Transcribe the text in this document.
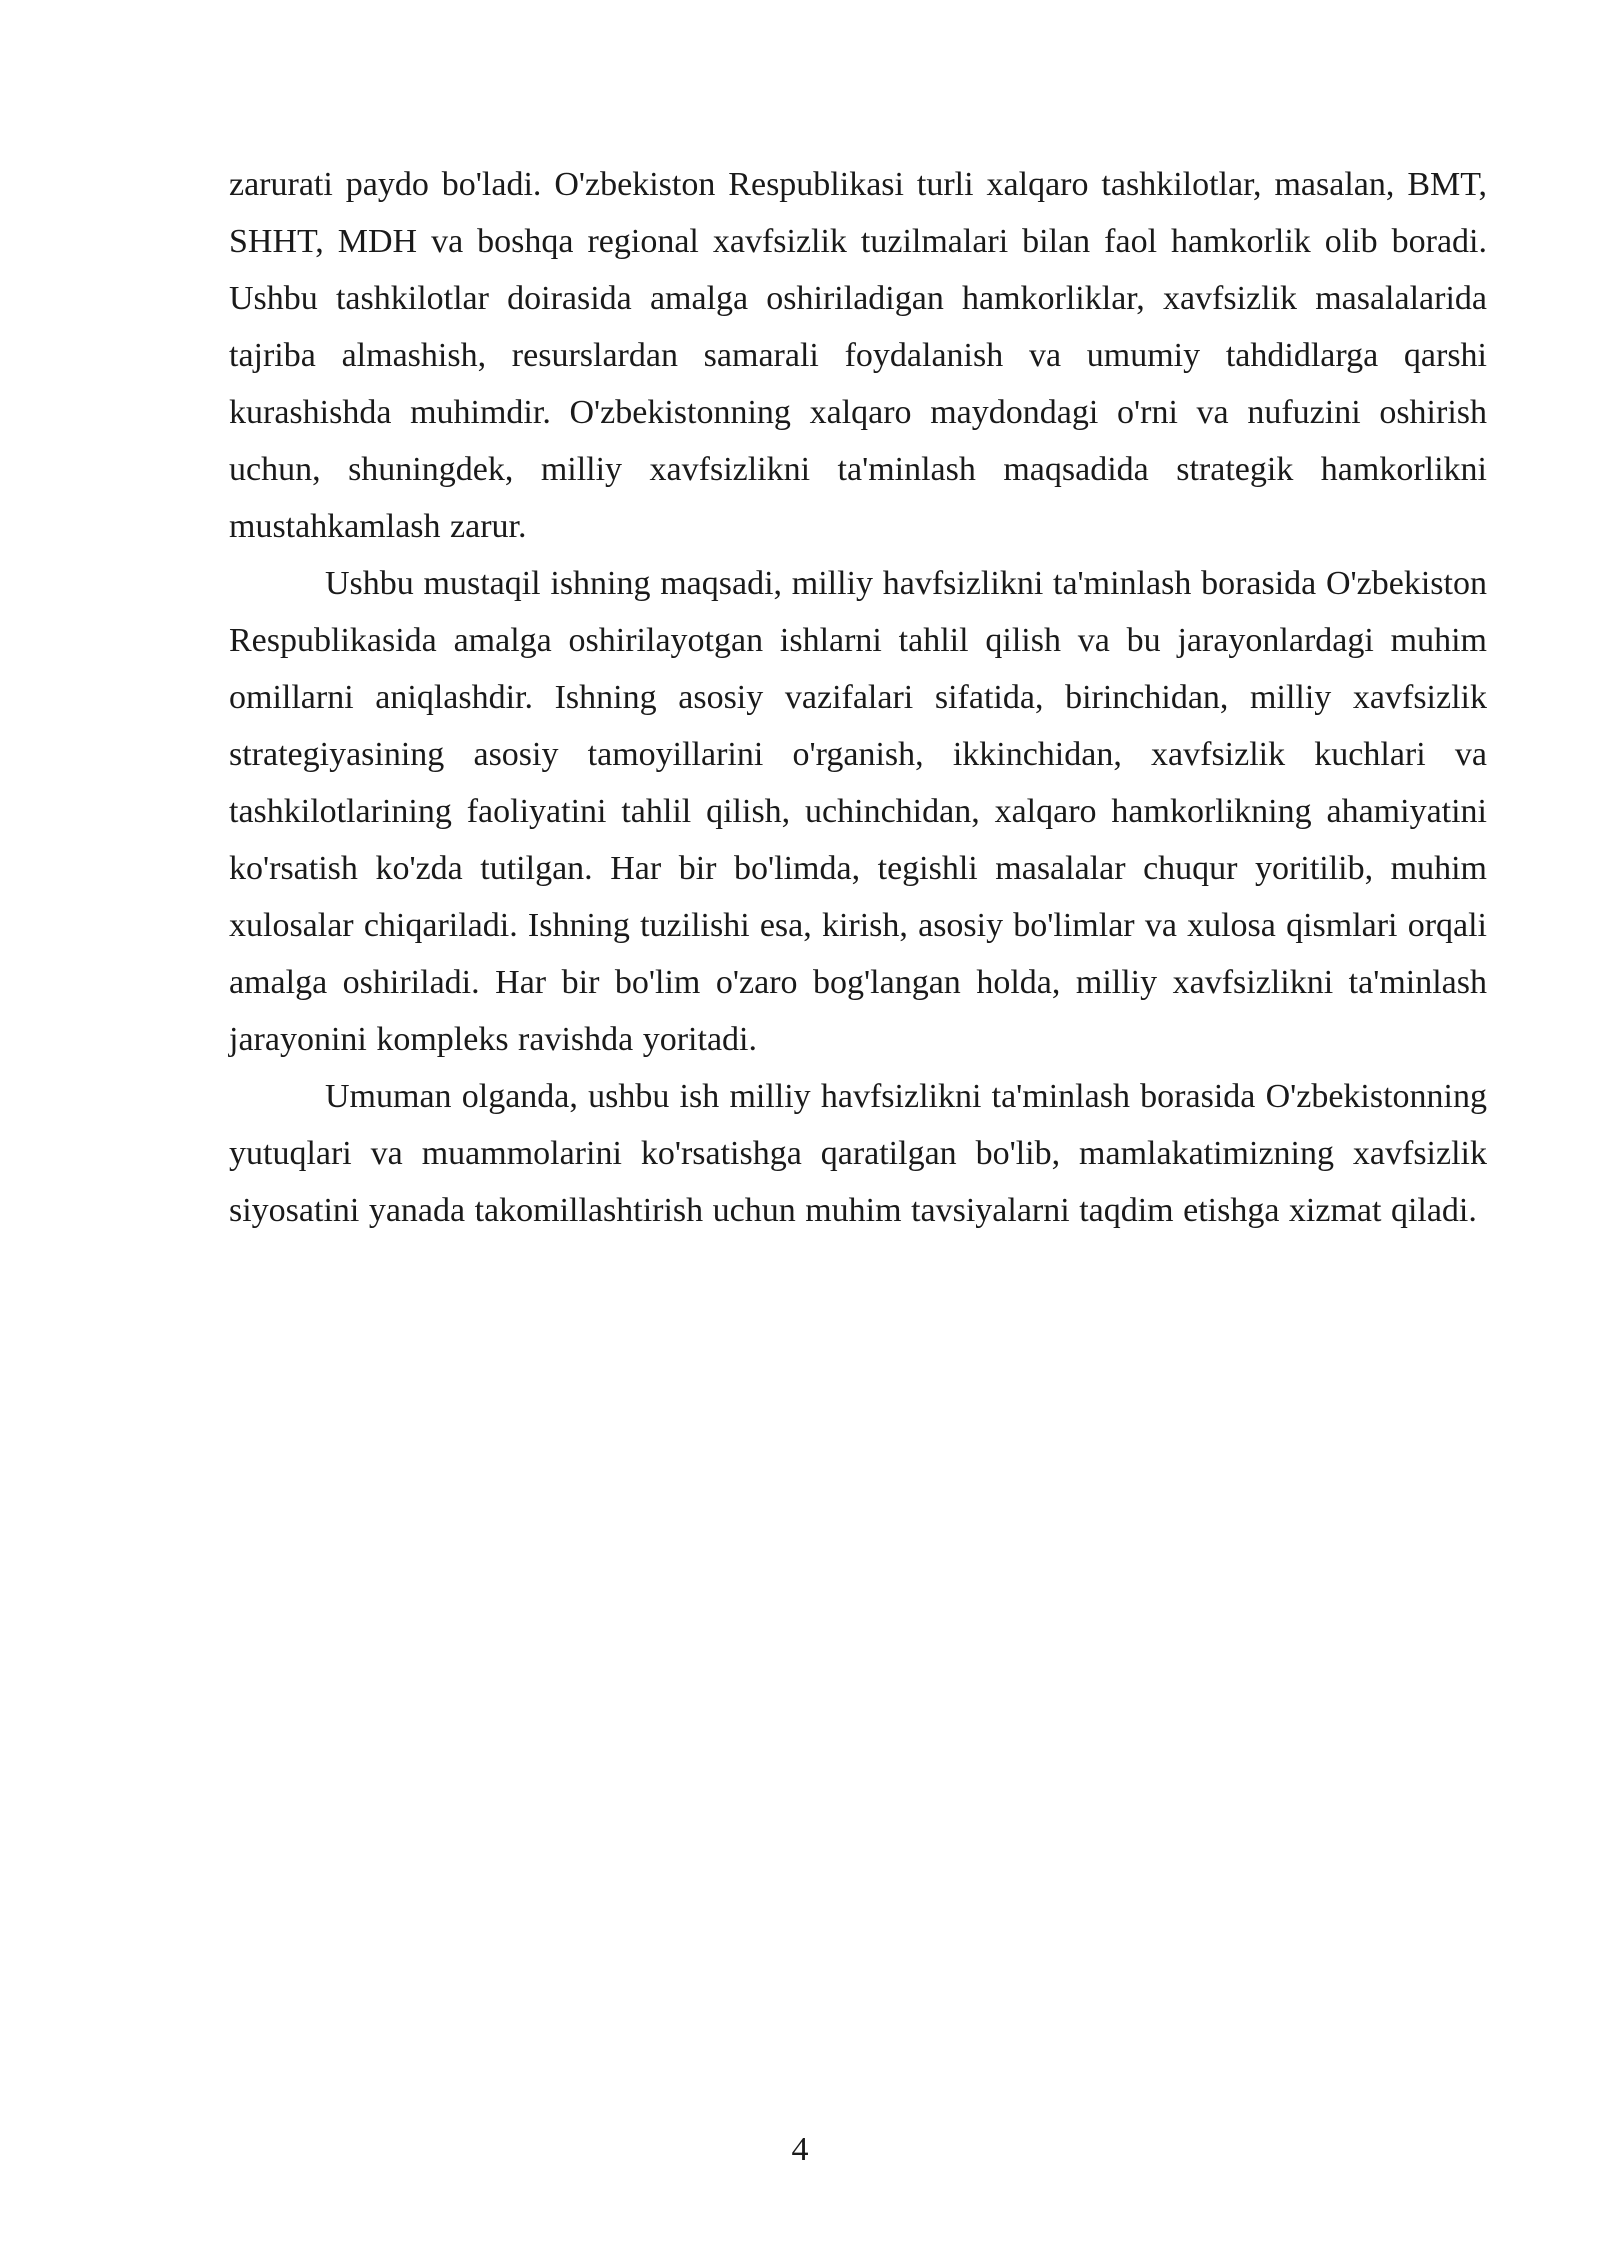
zarurati paydo bo'ladi. O'zbekiston Respublikasi turli xalqaro tashkilotlar, masalan, BMT, SHHT, MDH va boshqa regional xavfsizlik tuzilmalari bilan faol hamkorlik olib boradi. Ushbu tashkilotlar doirasida amalga oshiriladigan hamkorliklar, xavfsizlik masalalarida tajriba almashish, resurslardan samarali foydalanish va umumiy tahdidlarga qarshi kurashishda muhimdir. O'zbekistonning xalqaro maydondagi o'rni va nufuzini oshirish uchun, shuningdek, milliy xavfsizlikni ta'minlash maqsadida strategik hamkorlikni mustahkamlash zarur.

Ushbu mustaqil ishning maqsadi, milliy havfsizlikni ta'minlash borasida O'zbekiston Respublikasida amalga oshirilayotgan ishlarni tahlil qilish va bu jarayonlardagi muhim omillarni aniqlashdir. Ishning asosiy vazifalari sifatida, birinchidan, milliy xavfsizlik strategiyasining asosiy tamoyillarini o'rganish, ikkinchidan, xavfsizlik kuchlari va tashkilotlarining faoliyatini tahlil qilish, uchinchidan, xalqaro hamkorlikning ahamiyatini ko'rsatish ko'zda tutilgan. Har bir bo'limda, tegishli masalalar chuqur yoritilib, muhim xulosalar chiqariladi. Ishning tuzilishi esa, kirish, asosiy bo'limlar va xulosa qismlari orqali amalga oshiriladi. Har bir bo'lim o'zaro bog'langan holda, milliy xavfsizlikni ta'minlash jarayonini kompleks ravishda yoritadi.

Umuman olganda, ushbu ish milliy havfsizlikni ta'minlash borasida O'zbekistonning yutuqlari va muammolarini ko'rsatishga qaratilgan bo'lib, mamlakatimizning xavfsizlik siyosatini yanada takomillashtirish uchun muhim tavsiyalarni taqdim etishga xizmat qiladi.

4
